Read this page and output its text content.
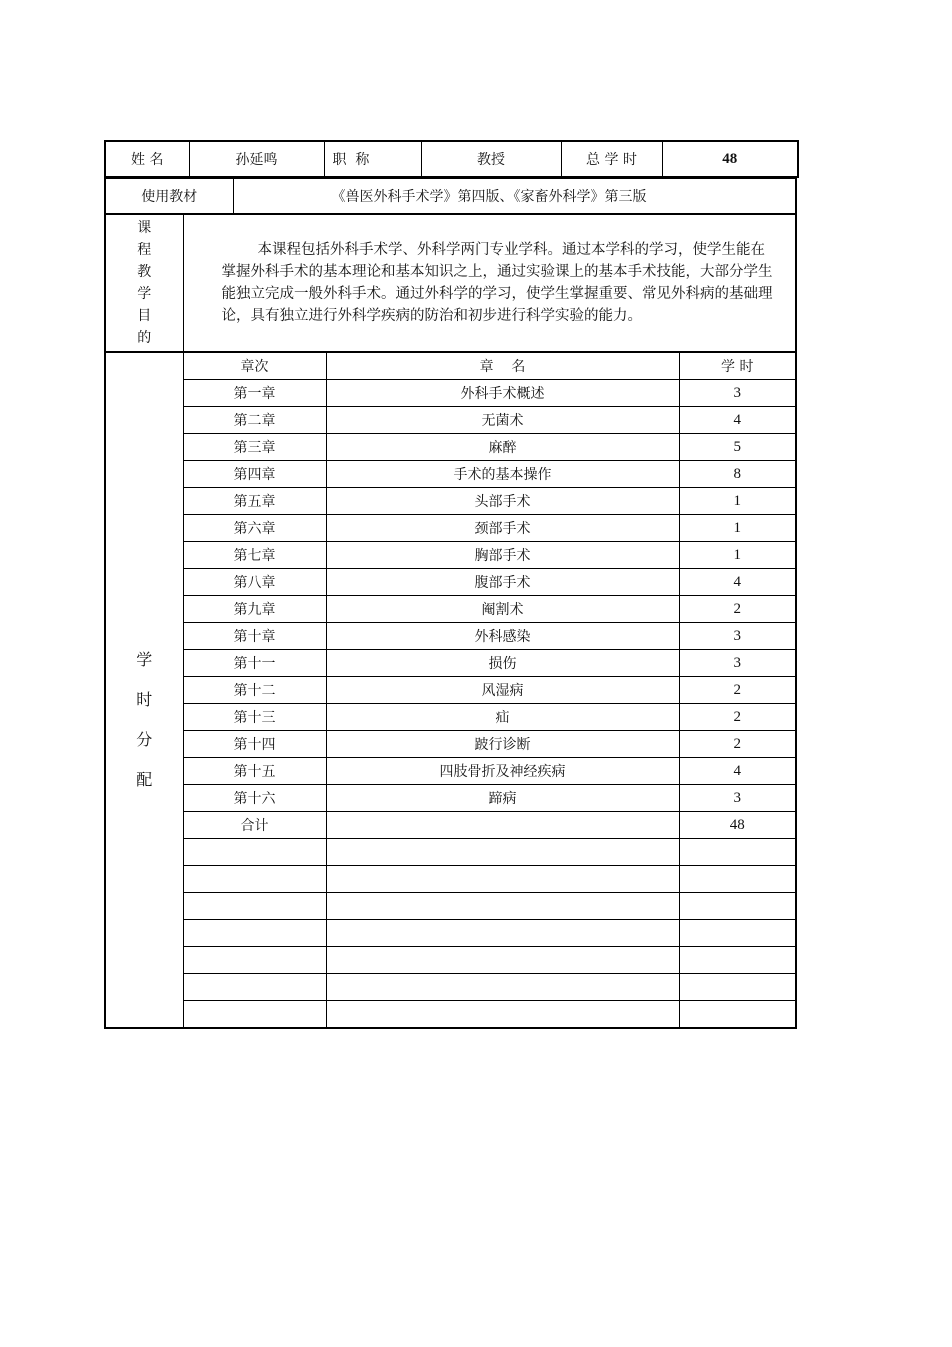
姓 名	孙延鸣	职  称	教授	总 学 时	48
使用教材	《兽医外科手术学》第四版、《家畜外科学》第三版
课
程
教
学
目
的
	本课程包括外科手术学、外科学两门专业学科。通过本学科的学习，使学生能在掌握外科手术的基本理论和基本知识之上，通过实验课上的基本手术技能，大部分学生能独立完成一般外科手术。通过外科学的学习，使学生掌握重要、常见外科病的基础理论，具有独立进行外科学疾病的防治和初步进行科学实验的能力。
学
时
分
配	章次	章    名	学 时
	第一章	外科手术概述	3
	第二章	无菌术	4
	第三章	麻醉	5
	第四章	手术的基本操作	8
	第五章	头部手术	1
	第六章	颈部手术	1
	第七章	胸部手术	1
	第八章	腹部手术	4
	第九章	阉割术	2
	第十章	外科感染	3
	第十一	损伤	3
	第十二	风湿病	2
	第十三	疝	2
	第十四	跛行诊断	2
	第十五	四肢骨折及神经疾病	4
	第十六	蹄病	3
	合计		48
